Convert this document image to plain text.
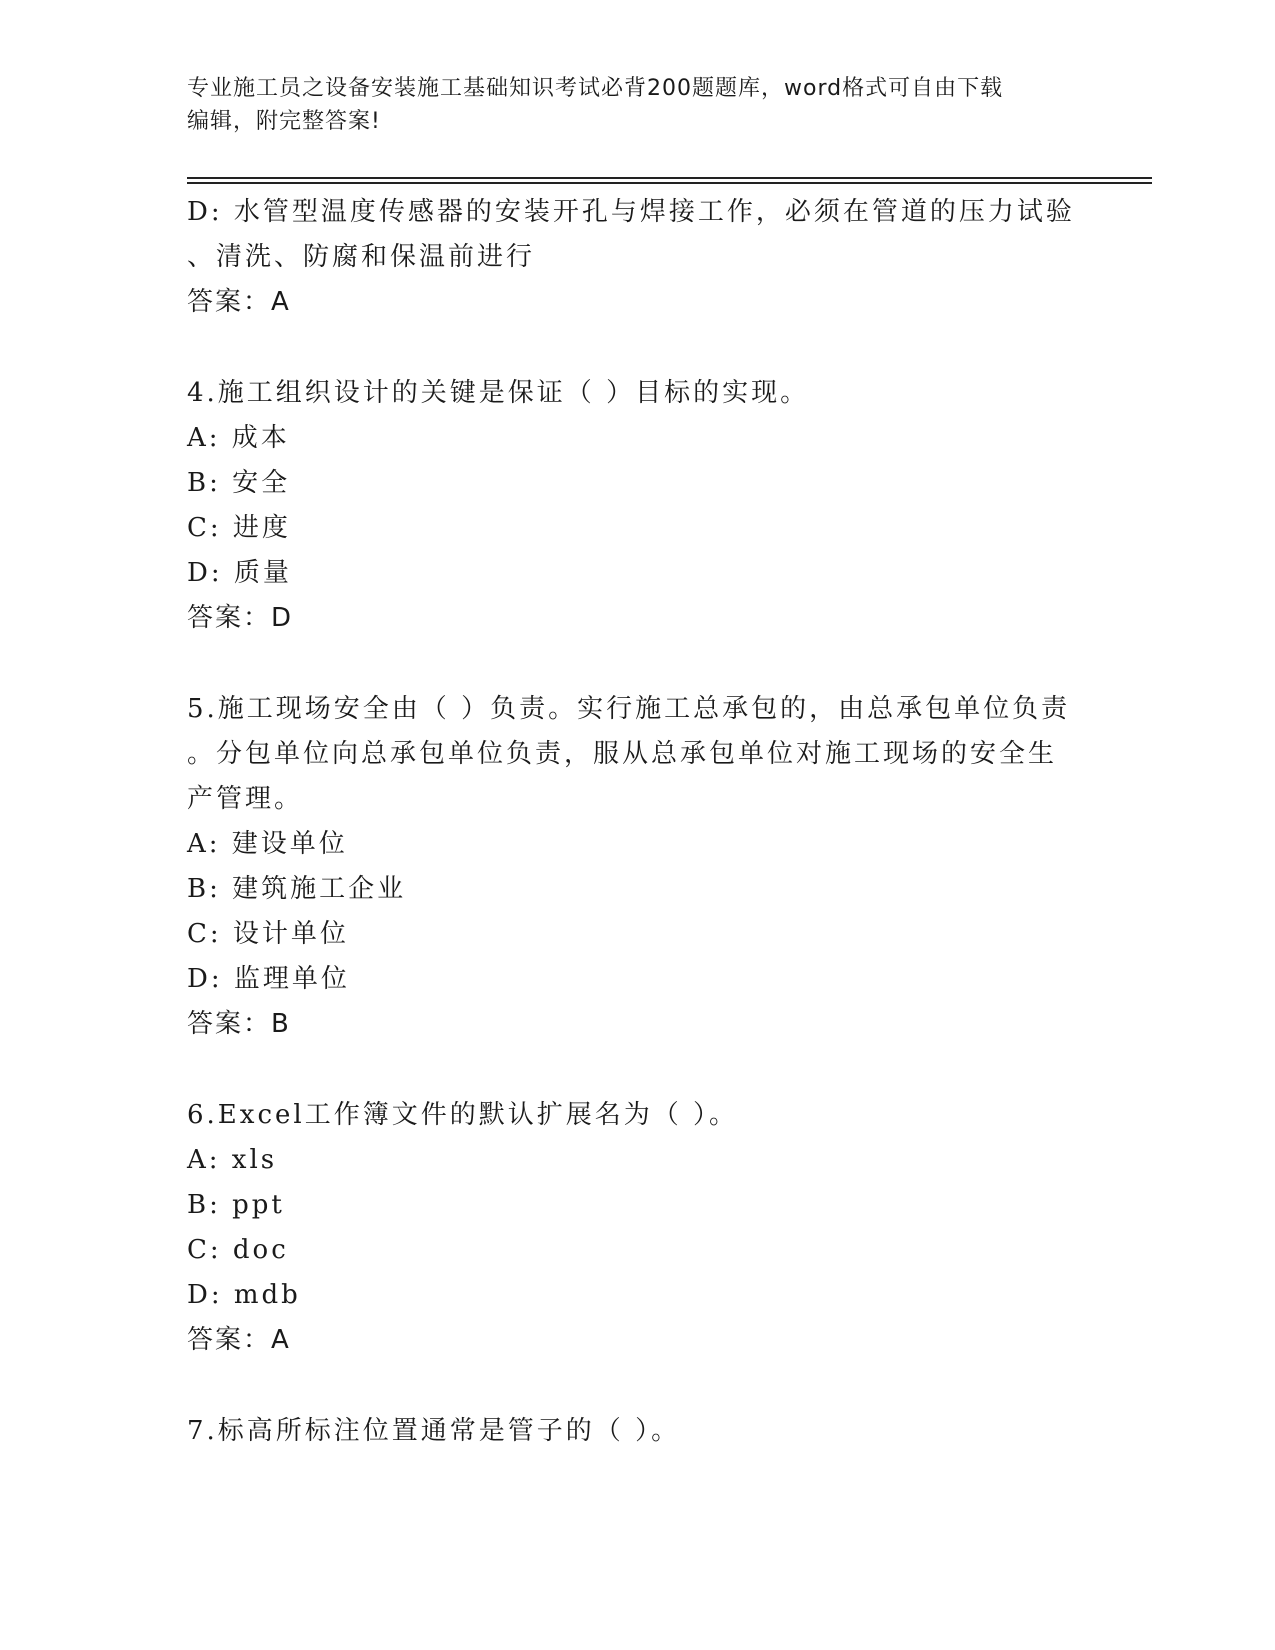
专业施工员之设备安装施工基础知识考试必背200题题库，word格式可自由下载
编辑，附完整答案!
D: 水管型温度传感器的安装开孔与焊接工作，必须在管道的压力试验
、清洗、防腐和保温前进行
答案：A
4.施工组织设计的关键是保证（ ）目标的实现。
A: 成本
B: 安全
C: 进度
D: 质量
答案：D
5.施工现场安全由（ ）负责。实行施工总承包的，由总承包单位负责
。分包单位向总承包单位负责，服从总承包单位对施工现场的安全生
产管理。
A: 建设单位
B: 建筑施工企业
C: 设计单位
D: 监理单位
答案：B
6.Excel工作簿文件的默认扩展名为（ ）。
A: xls
B: ppt
C: doc
D: mdb
答案：A
7.标高所标注位置通常是管子的（ ）。
